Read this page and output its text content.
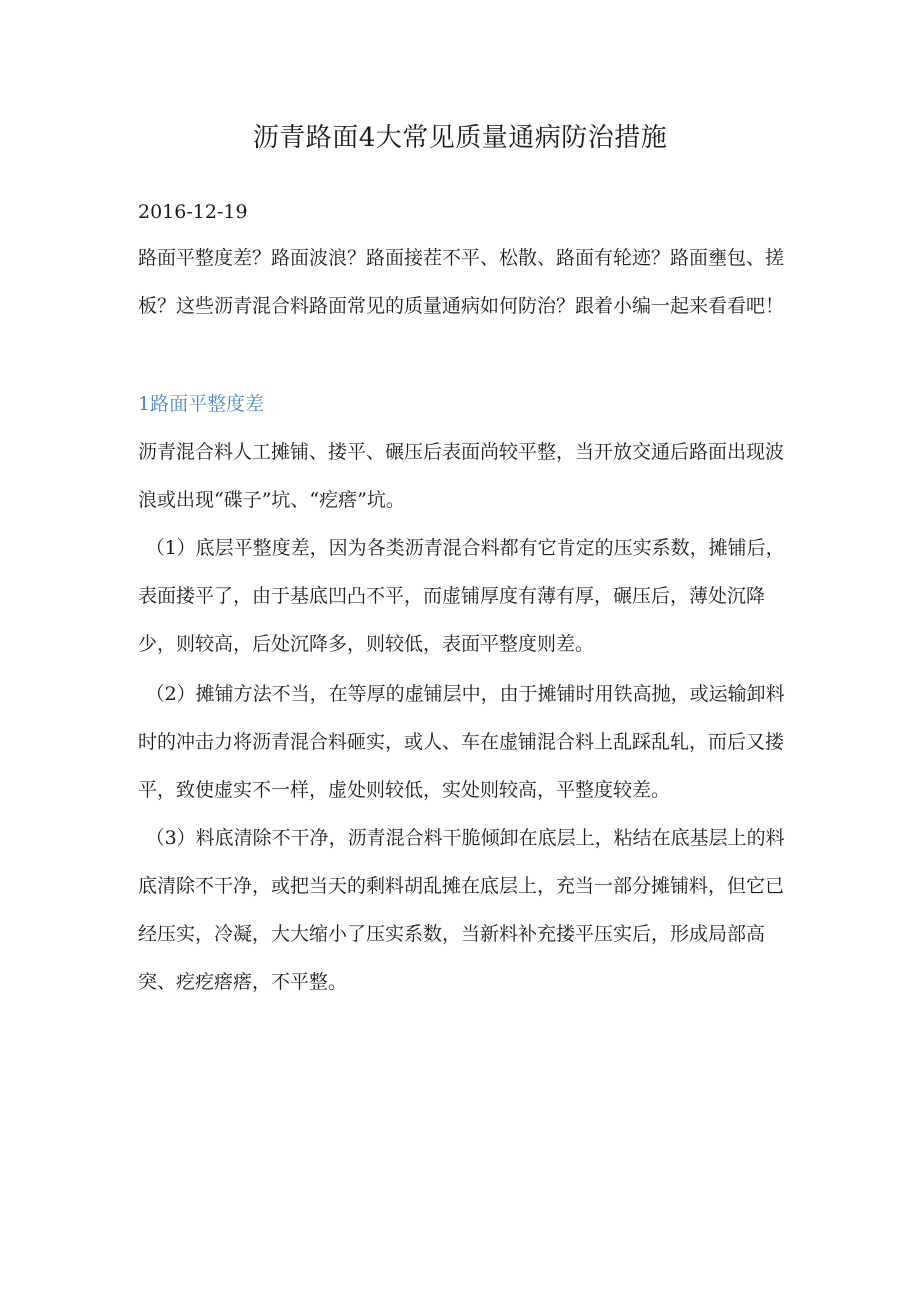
沥青路面4大常见质量通病防治措施
2016-12-19
路面平整度差？路面波浪？路面接茬不平、松散、路面有轮迹？路面壅包、搓板？这些沥青混合料路面常见的质量通病如何防治？跟着小编一起来看看吧！
1路面平整度差
沥青混合料人工摊铺、搂平、碾压后表面尚较平整，当开放交通后路面出现波浪或出现“碟子”坑、“疙瘩”坑。
（1）底层平整度差，因为各类沥青混合料都有它肯定的压实系数，摊铺后，表面搂平了，由于基底凹凸不平，而虚铺厚度有薄有厚，碾压后，薄处沉降少，则较高，后处沉降多，则较低，表面平整度则差。
（2）摊铺方法不当，在等厚的虚铺层中，由于摊铺时用铁高抛，或运输卸料时的冲击力将沥青混合料砸实，或人、车在虚铺混合料上乱踩乱轧，而后又搂平，致使虚实不一样，虚处则较低，实处则较高，平整度较差。
（3）料底清除不干净，沥青混合料干脆倾卸在底层上，粘结在底基层上的料底清除不干净，或把当天的剩料胡乱摊在底层上，充当一部分摊铺料，但它已经压实，冷凝，大大缩小了压实系数，当新料补充搂平压实后，形成局部高突、疙疙瘩瘩，不平整。
